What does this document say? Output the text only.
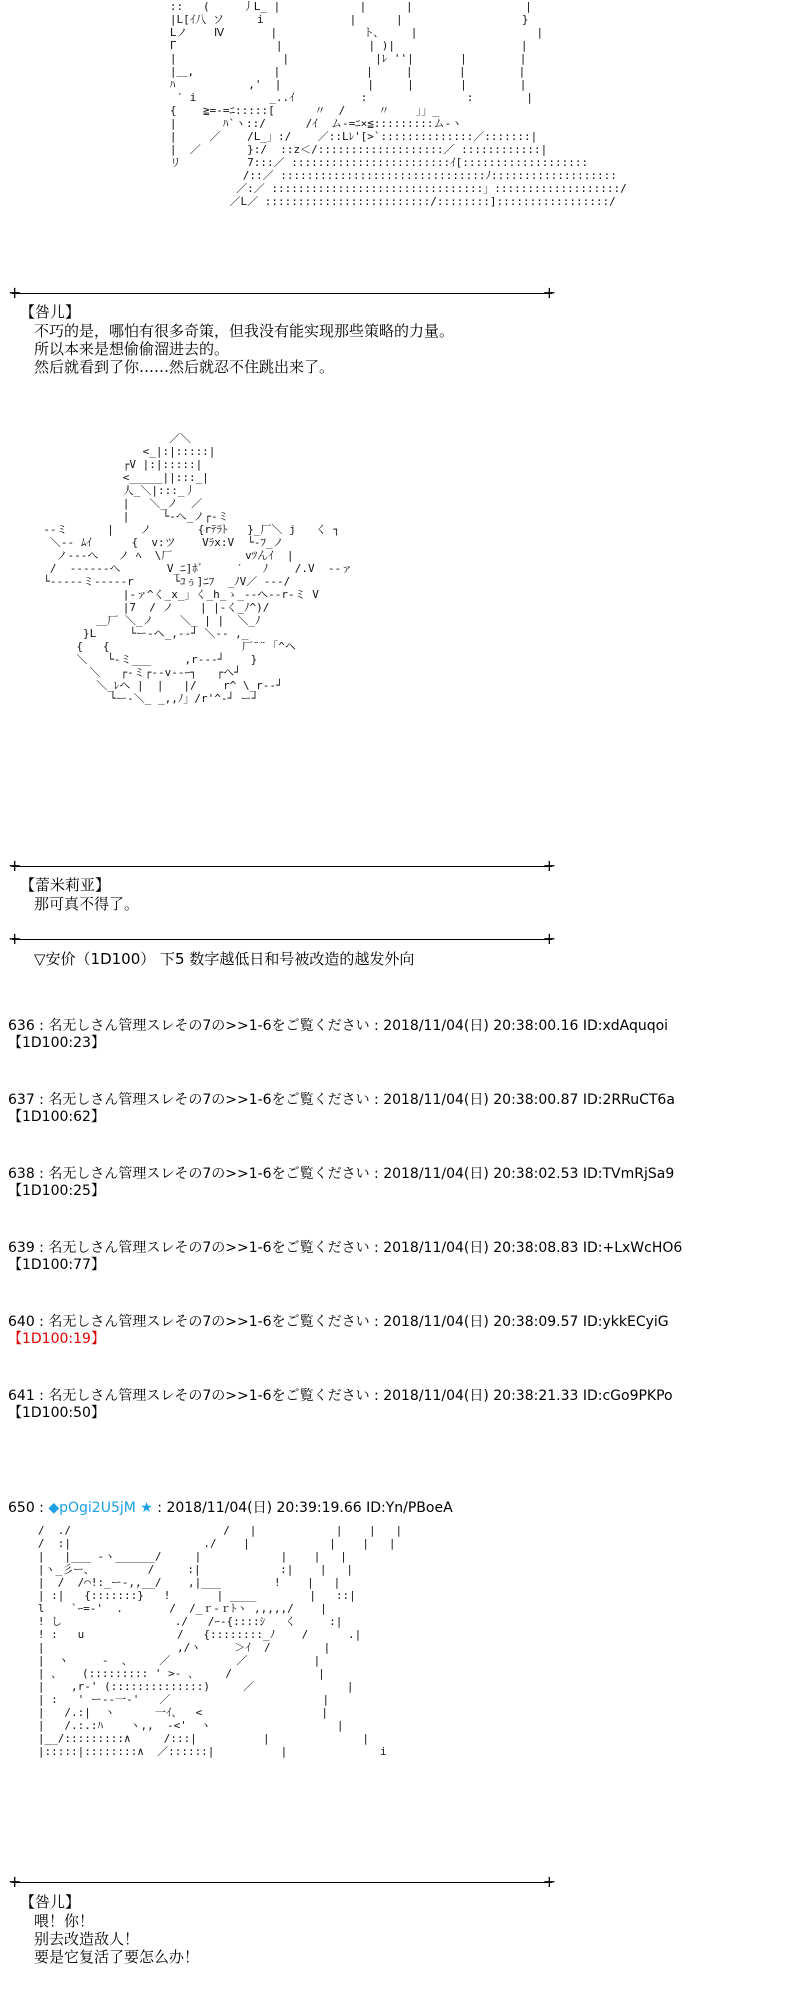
::   (     丿L_ |            |      |                 |
|L[ｲ八 ソ     i             |      |                  }
Lノ    Ⅳ       |             ト、    |                  |
Γ               |             | )|                   |
|                |             |ﾚ ''|       |        |
|＿,            |             |     |       |        |
ﾊ           ,'  |             |     |       |        |
′ i           _..ｲ          :               :        |
{    ≧=-=ﾆ:::::[      〃  /     〃    」」_
|       ﾊ`ヽ::/      /ｲ  ム-=ﾆ×≦:::::::::ム-ヽ
|     ／    /L_」:/    ／::Lﾚ'[>`::::::::::::::／:::::::|
|  ／       }:/  ::z＜/:::::::::::::::::::／ ::::::::::::|
リ          7:::／ ::::::::::::::::::::::::ｲ[:::::::::::::::::::
/::／ :::::::::::::::::::::::::::::::ﾉ:::::::::::::::::::
／:／ ::::::::::::::::::::::::::::::::」:::::::::::::::::::/
／L／ :::::::::::::::::::::::::/::::::::]:::::::::::::::::/
+	+
【咎儿】
不巧的是，哪怕有很多奇策，但我没有能实现那些策略的力量。
所以本来是想偷偷溜进去的。
然后就看到了你……然后就忍不住跳出来了。
／＼
<_|:|:::::|
┌V |:|:::::|
<_____||:::_|
人_＼|:::_丿
|   ＼_ノ  ／
|     └‐へ_ノ┌‐ミ
-‐ミ      |    ノ       {rﾃﾗﾄ   }_厂＼ j   く ┐
＼-‐ ﾑｲ      {  v:ツ    Vﾗx:V  └-ﾌ_ノ
ノ---へ   ノ ﾍ  \厂           vﾂんｲ  |
/  ------へ       V_ﾆ]ﾎﾞ     ′   ﾉ    /.V  -‐ァ
└-----ミ-----r      └ｺぅ]ﾆﾌ  _ﾉV／ -‐-/
|-ァ^く_x_」く_h_ゝ_-‐ヘ-‐r-ミ V
|7  / ノ    | |-く_ﾉ^)/
＿厂 ＼_ノ    ＼_ | |  ＼_ﾉ
}L     └ー-ヘ_,-‐┘ ＼-‐ ,_
{   {                    厂¨¨ ｢^ヘ
＼   └-ミ___     ,r-‐-┘    }
＼   ┌-ミ┌-‐v-‐ｰ┐   ┌ヘ┘
＼_ﾚヘ |  |   |/    r^ \_r-‐┘
└ー-＼_ _,,ﾉ」/r'^-┘ ー┘
+	+
【蕾米莉亚】
那可真不得了。
+	+
▽安价（1D100） 下5 数字越低日和号被改造的越发外向
636 : 名无しさん管理スレその7の>>1-6をご覧ください : 2018/11/04(日) 20:38:00.16 ID:xdAquqoi
【1D100:23】
637 : 名无しさん管理スレその7の>>1-6をご覧ください : 2018/11/04(日) 20:38:00.87 ID:2RRuCT6a
【1D100:62】
638 : 名无しさん管理スレその7の>>1-6をご覧ください : 2018/11/04(日) 20:38:02.53 ID:TVmRjSa9
【1D100:25】
639 : 名无しさん管理スレその7の>>1-6をご覧ください : 2018/11/04(日) 20:38:08.83 ID:+LxWcHO6
【1D100:77】
640 : 名无しさん管理スレその7の>>1-6をご覧ください : 2018/11/04(日) 20:38:09.57 ID:ykkECyiG
【1D100:19】
641 : 名无しさん管理スレその7の>>1-6をご覧ください : 2018/11/04(日) 20:38:21.33 ID:cGo9PKPo
【1D100:50】
650 : ◆pOgi2U5jM ★ : 2018/11/04(日) 20:39:19.66 ID:Yn/PBoeA
/  ./                       /   |            |    |   |
/  :|                    ./    |            |    |   |
|   |___ -ヽ______/     |            |    |   |
|ヽ_彡ー、        /     :|            :|    |   |
|  /  /⌒!:_ー-,,__/    ,|___        !    |   |
| :|   {:::::::}   !       | ____        |   ::|
l    `ｰ=-'  .       /  /_ｒ-ｒﾄヽ ,,,,,/    |
! し                 ./   /ｰ-{::::ｼ   く     :|
! :   u              /   {::::::::_ﾉ    /      .|
|                    ,/ヽ     ＞ｲ  /        |
|  ヽ     -  、    ／          ／          |
| 、   (::::::::: ' >- 、    /             |
|    ,r‐' (::::::::::::::)     ／              |
| :   ' ー--一‐'   ／                       |
|   /.:|  ヽ      一ｲ、  <                  |
|   /.:.:ﾊ    ヽ,,  -<'  ヽ                   |
|__/:::::::::∧     /:::|          |              |
|:::::|::::::::∧  ／::::::|          |              i
+	+
【咎儿】
喂！你！
别去改造敌人！
要是它复活了要怎么办！
